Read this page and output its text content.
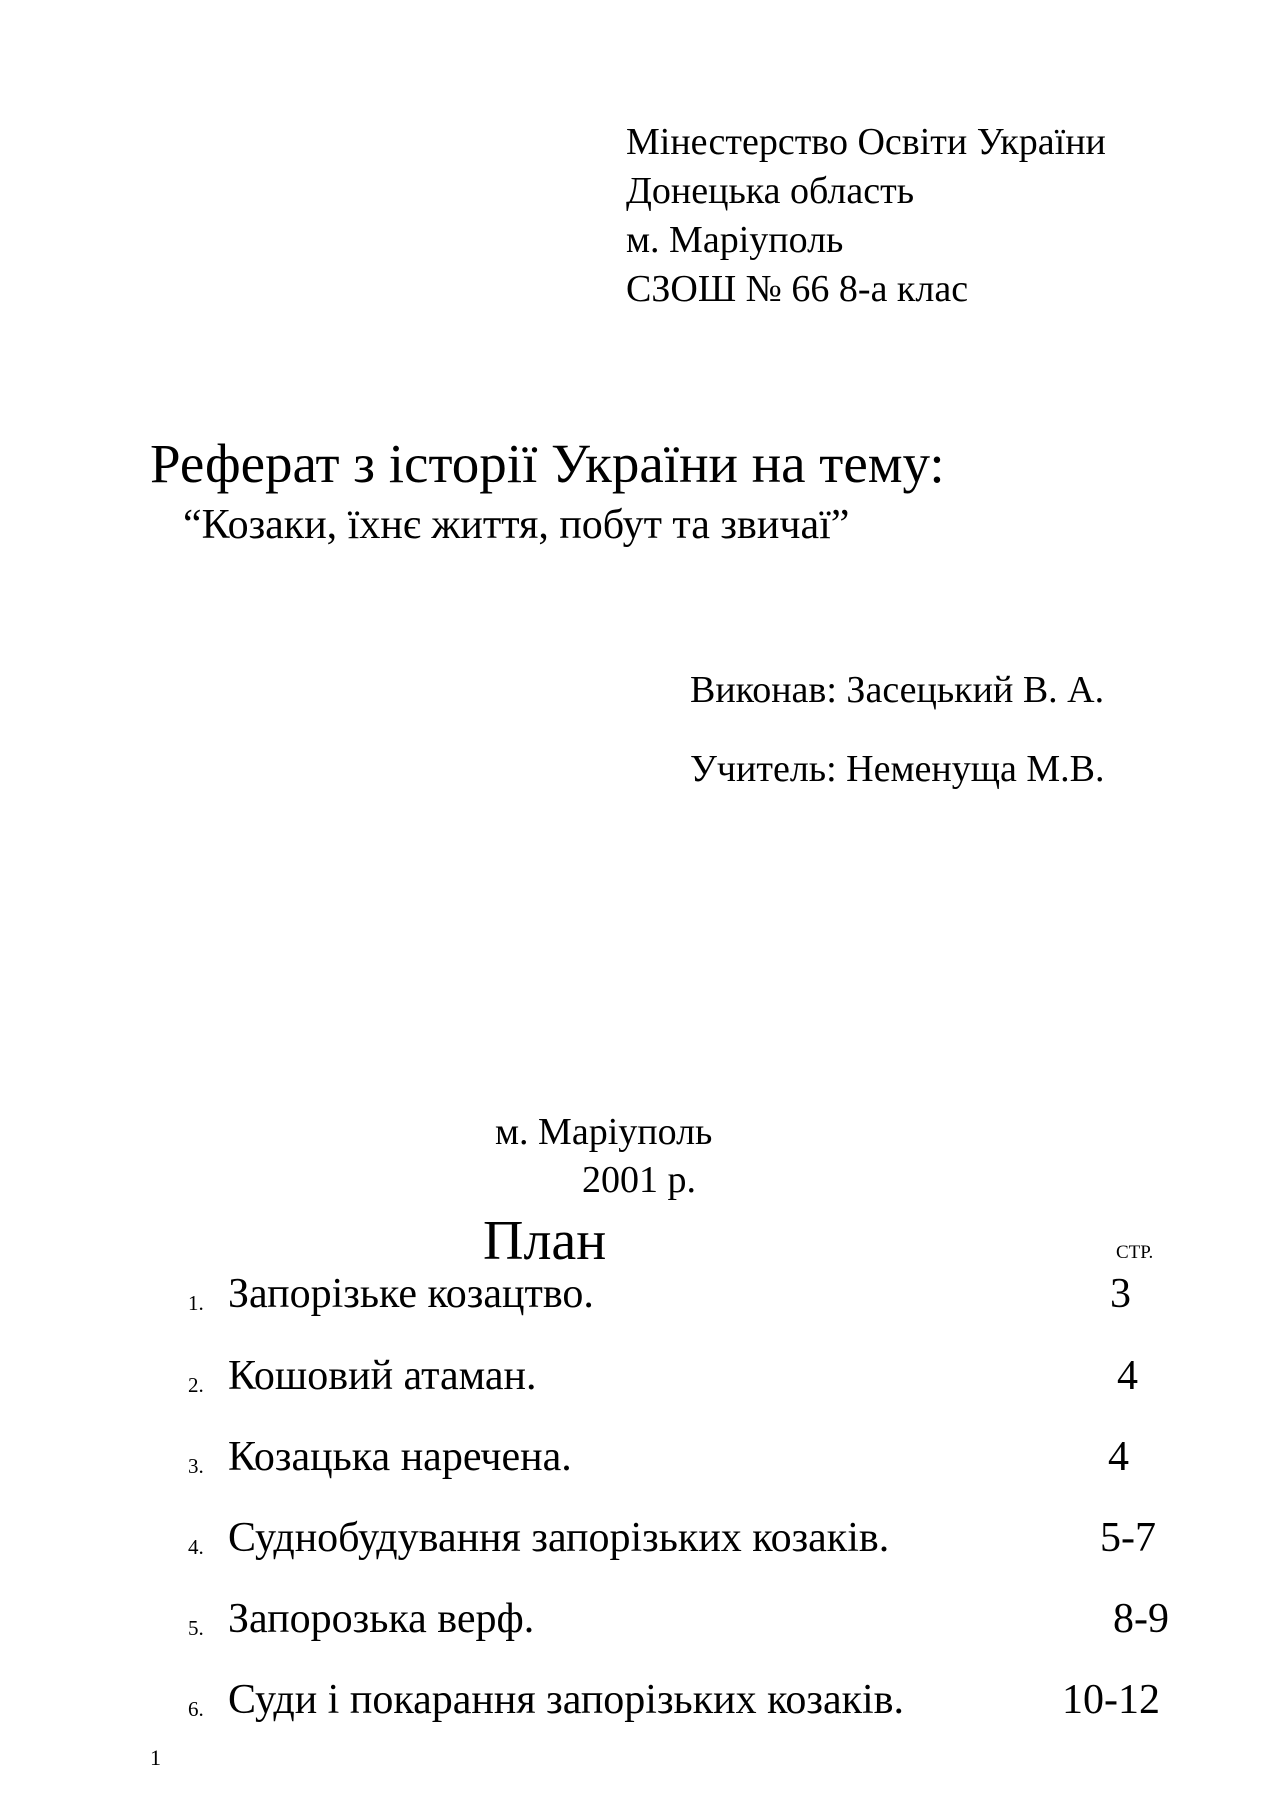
Мінестерство Освіти України
Донецька область
м. Маріуполь
СЗОШ № 66 8-а клас
Реферат з історії України на тему:
“Козаки, їхнє життя, побут та звичаї”
Виконав: Засецький В. А.
Учитель: Неменуща М.В.
м. Маріуполь
2001 р.
План	СТР.
1. Запорізьке козацтво.	3
2. Кошовий атаман.	4
3. Козацька наречена.	4
4. Суднобудування запорізьких козаків.	5-7
5. Запорозька верф.	8-9
6. Суди і покарання запорізьких козаків.	10-12
1
